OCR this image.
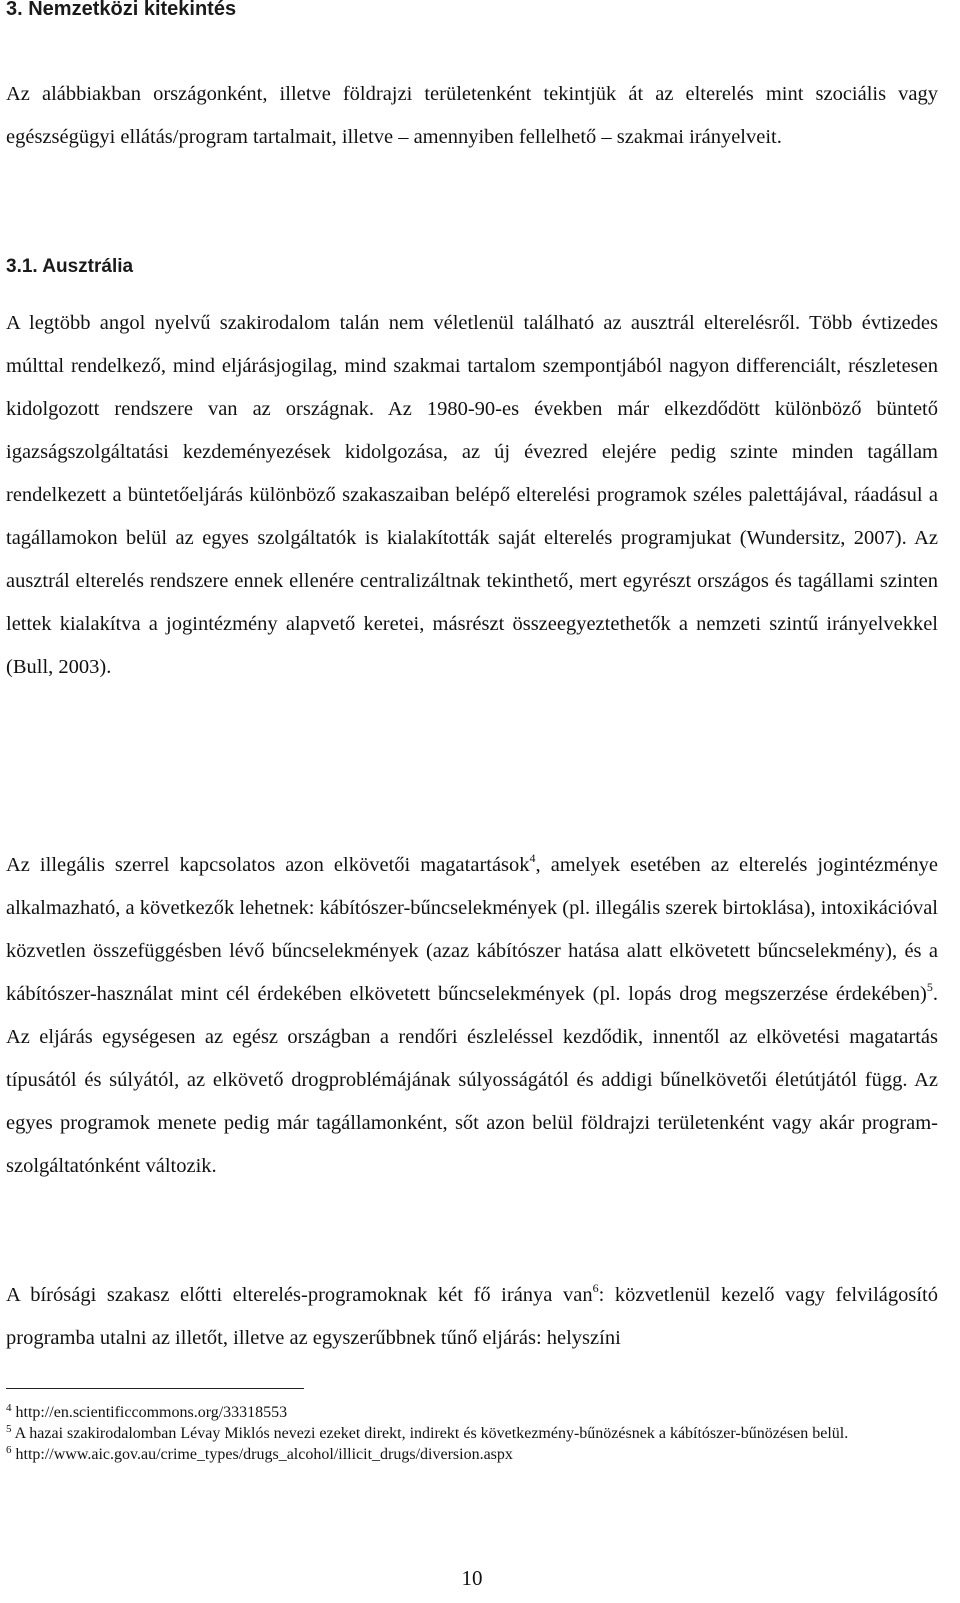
3. Nemzetközi kitekintés

Az alábbiakban országonként, illetve földrajzi területenként tekintjük át az elterelés mint szociális vagy egészségügyi ellátás/program tartalmait, illetve – amennyiben fellelhető – szakmai irányelveit.

3.1. Ausztrália

A legtöbb angol nyelvű szakirodalom talán nem véletlenül található az ausztrál elterelésről. Több évtizedes múlttal rendelkező, mind eljárásjogilag, mind szakmai tartalom szempontjából nagyon differenciált, részletesen kidolgozott rendszere van az országnak. Az 1980-90-es években már elkezdődött különböző büntető igazságszolgáltatási kezdeményezések kidolgozása, az új évezred elejére pedig szinte minden tagállam rendelkezett a büntetőeljárás különböző szakaszaiban belépő elterelési programok széles palettájával, ráadásul a tagállamokon belül az egyes szolgáltatók is kialakították saját elterelés programjukat (Wundersitz, 2007). Az ausztrál elterelés rendszere ennek ellenére centralizáltnak tekinthető, mert egyrészt országos és tagállami szinten lettek kialakítva a jogintézmény alapvető keretei, másrészt összeegyeztethetők a nemzeti szintű irányelvekkel (Bull, 2003).

Az illegális szerrel kapcsolatos azon elkövetői magatartások$^4$, amelyek esetében az elterelés jogintézménye alkalmazható, a következők lehetnek: kábítószer-bűncselekmények (pl. illegális szerek birtoklása), intoxikációval közvetlen összefüggésben lévő bűncselekmények (azaz kábítószer hatása alatt elkövetett bűncselekmény), és a kábítószer-használat mint cél érdekében elkövetett bűncselekmények (pl. lopás drog megszerzése érdekében)$^5$. Az eljárás egységesen az egész országban a rendőri észleléssel kezdődik, innentől az elkövetési magatartás típusától és súlyától, az elkövető drogproblémájának súlyosságától és addigi bűnelkövetői életútjától függ. Az egyes programok menete pedig már tagállamonként, sőt azon belül földrajzi területenként vagy akár program-szolgáltatónként változik.

A bírósági szakasz előtti elterelés-programoknak két fő iránya van$^6$: közvetlenül kezelő vagy felvilágosító programba utalni az illetőt, illetve az egyszerűbbnek tűnő eljárás: helyszíni

$^4$ http://en.scientificcommons.org/33318553

$^5$ A hazai szakirodalomban Lévay Miklós nevezi ezeket direkt, indirekt és következmény-bűnözésnek a kábítószer-bűnözésen belül.

$^6$ http://www.aic.gov.au/crime_types/drugs_alcohol/illicit_drugs/diversion.aspx

10
